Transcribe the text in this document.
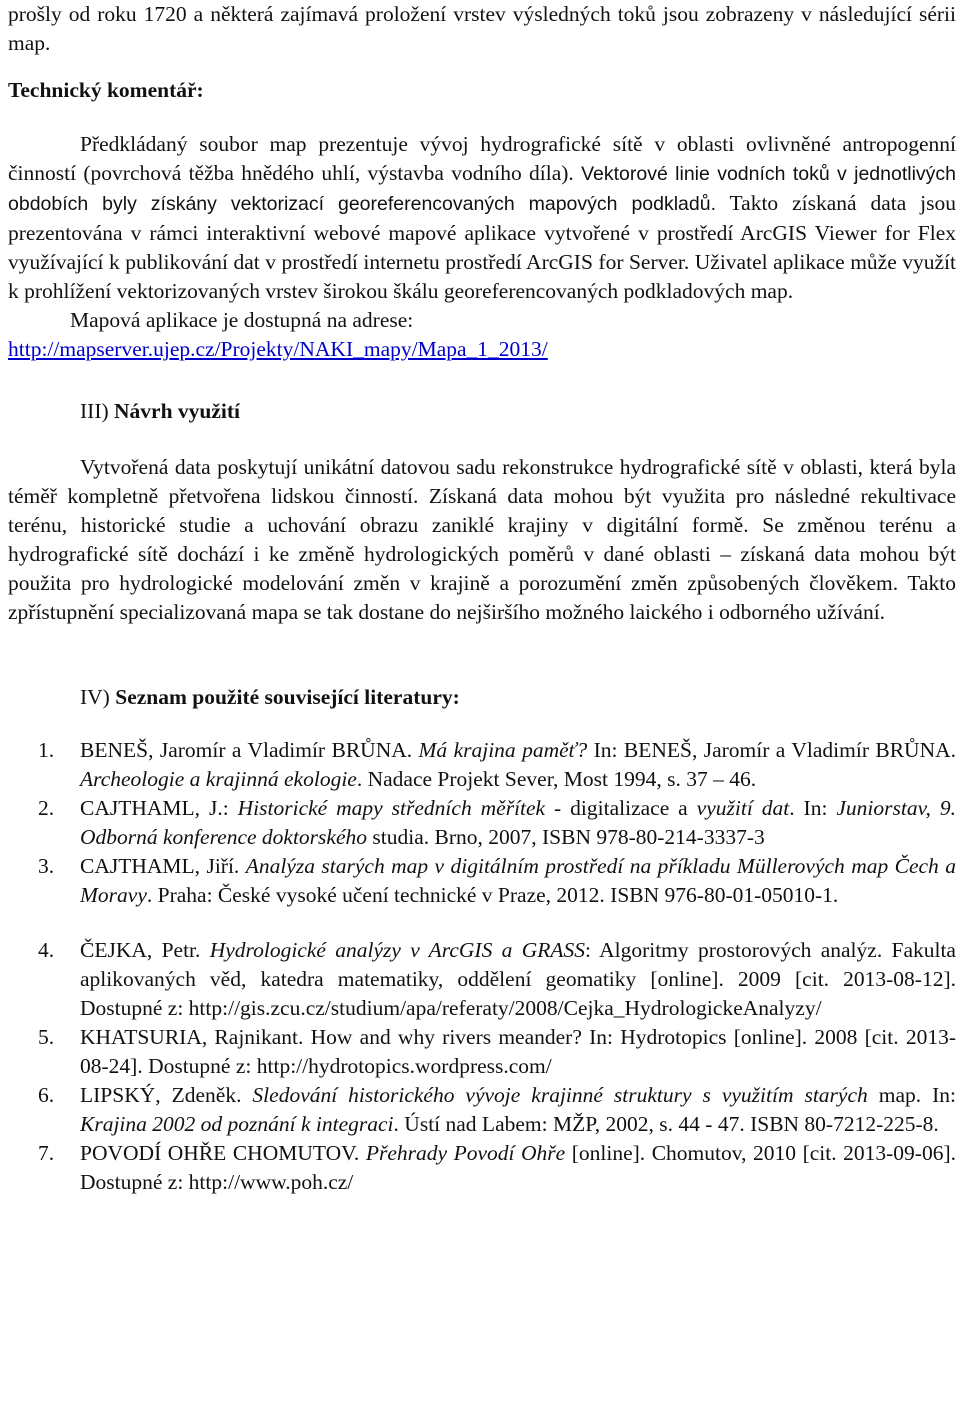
prošly od roku 1720 a některá zajímavá proložení vrstev výsledných toků jsou zobrazeny v následující sérii map.

Technický komentář:

Předkládaný soubor map prezentuje vývoj hydrografické sítě v oblasti ovlivněné antropogenní činností (povrchová těžba hnědého uhlí, výstavba vodního díla). Vektorové linie vodních toků v jednotlivých obdobích byly získány vektorizací georeferencovaných mapových podkladů. Takto získaná data jsou prezentována v rámci interaktivní webové mapové aplikace vytvořené v prostředí ArcGIS Viewer for Flex využívající k publikování dat v prostředí internetu prostředí ArcGIS for Server. Uživatel aplikace může využít k prohlížení vektorizovaných vrstev širokou škálu georeferencovaných podkladových map.

Mapová aplikace je dostupná na adrese:

http://mapserver.ujep.cz/Projekty/NAKI_mapy/Mapa_1_2013/

III) Návrh využití

Vytvořená data poskytují unikátní datovou sadu rekonstrukce hydrografické sítě v oblasti, která byla téměř kompletně přetvořena lidskou činností. Získaná data mohou být využita pro následné rekultivace terénu, historické studie a uchování obrazu zaniklé krajiny v digitální formě. Se změnou terénu a hydrografické sítě dochází i ke změně hydrologických poměrů v dané oblasti – získaná data mohou být použita pro hydrologické modelování změn v krajině a porozumění změn způsobených člověkem. Takto zpřístupnění specializovaná mapa se tak dostane do nejširšího možného laického i odborného užívání.

IV) Seznam použité související literatury:

1. BENEŠ, Jaromír a Vladimír BRŮNA. Má krajina paměť? In: BENEŠ, Jaromír a Vladimír BRŮNA. Archeologie a krajinná ekologie. Nadace Projekt Sever, Most 1994, s. 37 – 46.
2. CAJTHAML, J.: Historické mapy středních měřítek - digitalizace a využití dat. In: Juniorstav, 9. Odborná konference doktorského studia. Brno, 2007, ISBN 978-80-214-3337-3
3. CAJTHAML, Jiří. Analýza starých map v digitálním prostředí na příkladu Müllerových map Čech a Moravy. Praha: České vysoké učení technické v Praze, 2012. ISBN 976-80-01-05010-1.
4. ČEJKA, Petr. Hydrologické analýzy v ArcGIS a GRASS: Algoritmy prostorových analýz. Fakulta aplikovaných věd, katedra matematiky, oddělení geomatiky [online]. 2009 [cit. 2013-08-12]. Dostupné z: http://gis.zcu.cz/studium/apa/referaty/2008/Cejka_HydrologickeAnalyzy/
5. KHATSURIA, Rajnikant. How and why rivers meander? In: Hydrotopics [online]. 2008 [cit. 2013-08-24]. Dostupné z: http://hydrotopics.wordpress.com/
6. LIPSKÝ, Zdeněk. Sledování historického vývoje krajinné struktury s využitím starých map. In: Krajina 2002 od poznání k integraci. Ústí nad Labem: MŽP, 2002, s. 44 - 47. ISBN 80-7212-225-8.
7. POVODÍ OHŘE CHOMUTOV. Přehrady Povodí Ohře [online]. Chomutov, 2010 [cit. 2013-09-06]. Dostupné z: http://www.poh.cz/
